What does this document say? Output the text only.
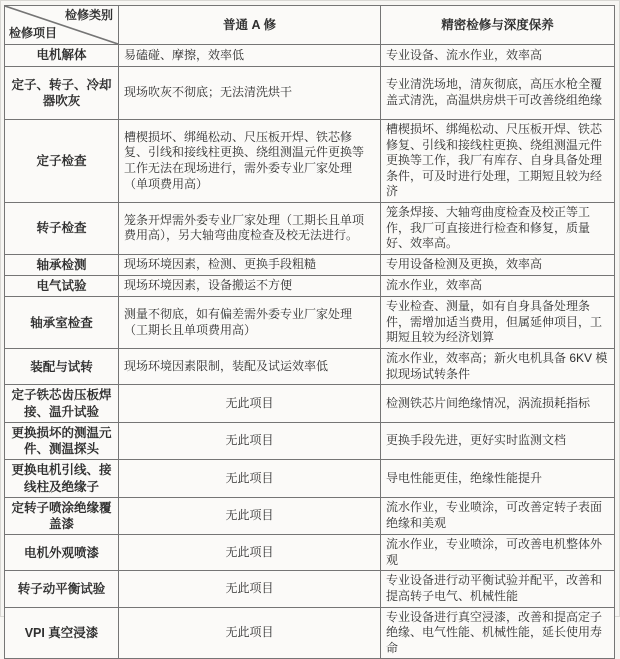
检修类别
检修项目	普通 A 修	精密检修与深度保养
电机解体	易磕碰、摩擦，效率低	专业设备、流水作业，效率高
定子、转子、冷却器吹灰	现场吹灰不彻底；无法清洗烘干	专业清洗场地，清灰彻底，高压水枪全覆盖式清洗，高温烘房烘干可改善绕组绝缘
定子检查	槽楔损坏、绑绳松动、尺压板开焊、铁芯修复、引线和接线柱更换、绕组测温元件更换等工作无法在现场进行，需外委专业厂家处理（单项费用高）	槽楔损坏、绑绳松动、尺压板开焊、铁芯修复、引线和接线柱更换、绕组测温元件更换等工作，我厂有库存、自身具备处理条件，可及时进行处理，工期短且较为经济
转子检查	笼条开焊需外委专业厂家处理（工期长且单项费用高），另大轴弯曲度检查及校无法进行。	笼条焊接、大轴弯曲度检查及校正等工作，我厂可直接进行检查和修复，质量好、效率高。
轴承检测	现场环境因素，检测、更换手段粗糙	专用设备检测及更换，效率高
电气试验	现场环境因素，设备搬运不方便	流水作业，效率高
轴承室检查	测量不彻底，如有偏差需外委专业厂家处理（工期长且单项费用高）	专业检查、测量，如有自身具备处理条件，需增加适当费用，但属延伸项目，工期短且较为经济划算
装配与试转	现场环境因素限制，装配及试运效率低	流水作业，效率高；新火电机具备 6KV 模拟现场试转条件
定子铁芯齿压板焊接、温升试验	无此项目	检测铁芯片间绝缘情况，涡流损耗指标
更换损坏的测温元件、测温探头	无此项目	更换手段先进，更好实时监测文档
更换电机引线、接线柱及绝缘子	无此项目	导电性能更佳，绝缘性能提升
定转子喷涂绝缘覆盖漆	无此项目	流水作业，专业喷涂，可改善定转子表面绝缘和美观
电机外观喷漆	无此项目	流水作业，专业喷涂，可改善电机整体外观
转子动平衡试验	无此项目	专业设备进行动平衡试验并配平，改善和提高转子电气、机械性能
VPI 真空浸漆	无此项目	专业设备进行真空浸漆，改善和提高定子绝缘、电气性能、机械性能，延长使用寿命
